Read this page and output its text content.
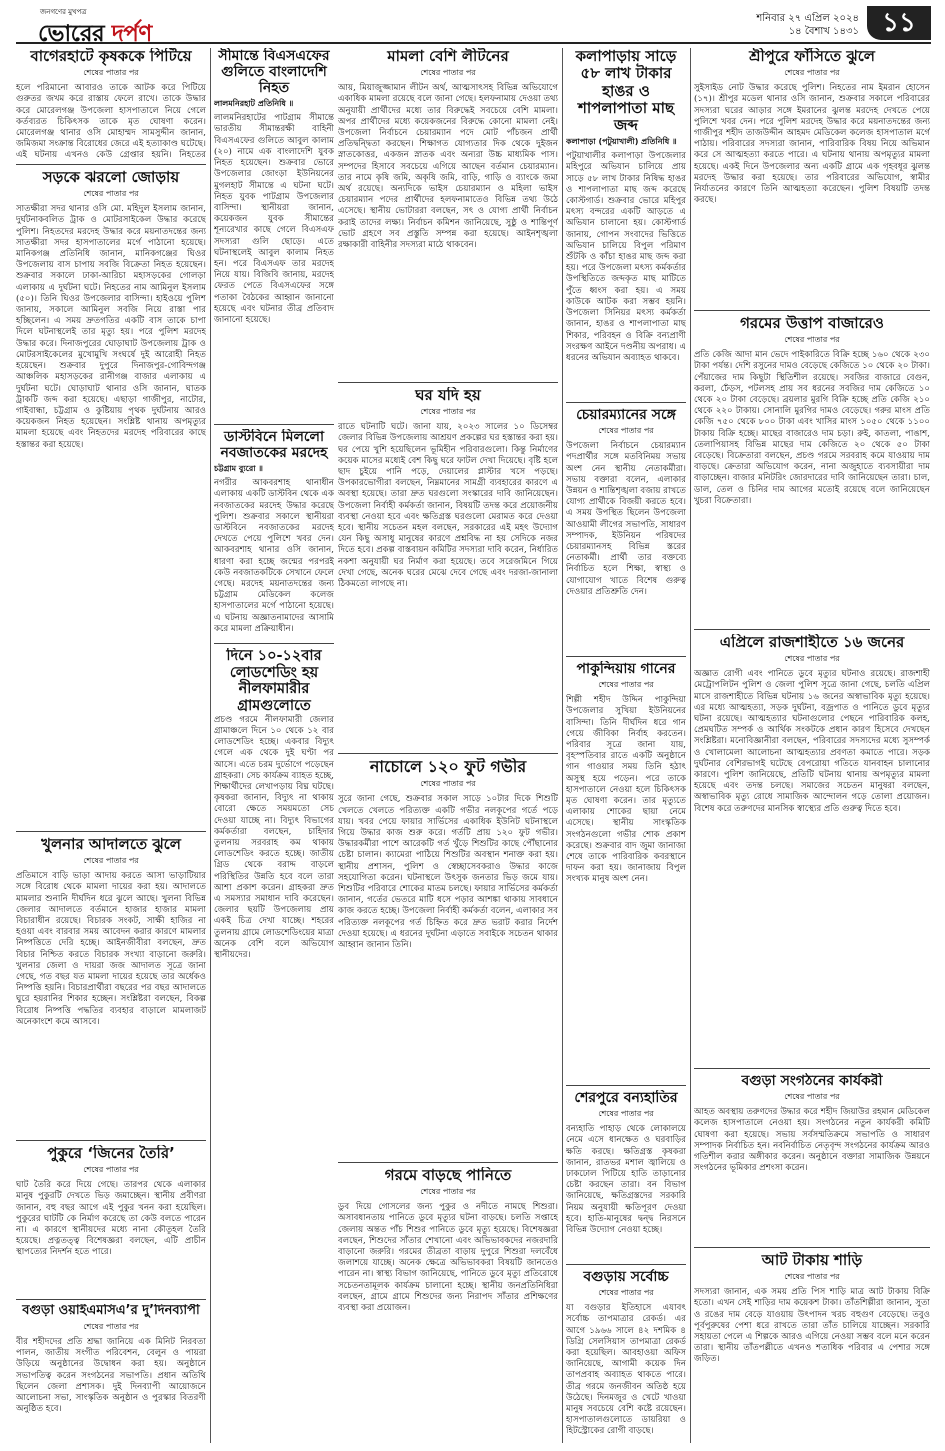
জনগণের মুখপত্র
ভোরের দর্পণ
শনিবার ২৭ এপ্রিল ২০২৪
১৪ বৈশাখ ১৪৩১ ১১
বাগেরহাটে কৃষককে পিটিয়ে
শেষের পাতার পর

হলে পরিমানো আবারও তাকে আটক করে পিটিয়ে গুরুতর জখম করে রাস্তায় ফেলে রাখে। তাকে উদ্ধার করে মোরেলগঞ্জ উপজেলা হাসপাতালে নিয়ে গেলে কর্তব্যরত চিকিৎসক তাকে মৃত ঘোষণা করেন। মোরেলগঞ্জ থানার ওসি মোহাম্মদ সামসুদ্দীন জানান, জমিজমা সংক্রান্ত বিরোধের জেরে এই হত্যাকাণ্ড ঘটেছে। এই ঘটনায় এখনও কেউ গ্রেপ্তার হয়নি। নিহতের

সড়কে ঝরলো জোড়ায়
শেষের পাতার পর

সাতক্ষীরা সদর থানার ওসি মো. মহিদুল ইসলাম জানান, দুর্ঘটনাকবলিত ট্রাক ও মোটরসাইকেল উদ্ধার করেছে পুলিশ। নিহতদের মরদেহ উদ্ধার করে ময়নাতদন্তের জন্য সাতক্ষীরা সদর হাসপাতালের মর্গে পাঠানো হয়েছে। মানিকগঞ্জ প্রতিনিধি জানান, মানিকগঞ্জের ঘিওর উপজেলায় বাস চাপায় সবজি বিক্রেতা নিহত হয়েছেন। শুক্রবার সকালে ঢাকা-আরিচা মহাসড়কের গোলড়া এলাকায় এ দুর্ঘটনা ঘটে। নিহতের নাম আমিনুল ইসলাম (৫০)। তিনি ঘিওর উপজেলার বাসিন্দা। হাইওয়ে পুলিশ জানায়, সকালে আমিনুল সবজি নিয়ে রাস্তা পার হচ্ছিলেন। এ সময় দ্রুতগতির একটি বাস তাকে চাপা দিলে ঘটনাস্থলেই তার মৃত্যু হয়। পরে পুলিশ মরদেহ উদ্ধার করে। দিনাজপুরের ঘোড়াঘাট উপজেলায় ট্রাক ও মোটরসাইকেলের মুখোমুখি সংঘর্ষে দুই আরোহী নিহত হয়েছেন। শুক্রবার দুপুরে দিনাজপুর-গোবিন্দগঞ্জ আঞ্চলিক মহাসড়কের রানীগঞ্জ বাজার এলাকায় এ দুর্ঘটনা ঘটে। ঘোড়াঘাট থানার ওসি জানান, ঘাতক ট্রাকটি জব্দ করা হয়েছে। এছাড়া গাজীপুর, নাটোর, গাইবান্ধা, চট্টগ্রাম ও কুষ্টিয়ায় পৃথক দুর্ঘটনায় আরও কয়েকজন নিহত হয়েছেন। সংশ্লিষ্ট থানায় অপমৃত্যুর মামলা হয়েছে এবং নিহতদের মরদেহ পরিবারের কাছে হস্তান্তর করা হয়েছে।

খুলনার আদালতে ঝুলে
শেষের পাতার পর

প্রতিমাসে বাড়ি ভাড়া আদায় করতে আসা ভাড়াটিয়ার সঙ্গে বিরোধ থেকে মামলা দায়ের করা হয়। আদালতে মামলার শুনানি দীর্ঘদিন ধরে ঝুলে আছে। খুলনা বিভিন্ন জেলার আদালতে বর্তমানে হাজার হাজার মামলা বিচারাধীন রয়েছে। বিচারক সংকট, সাক্ষী হাজির না হওয়া এবং বারবার সময় আবেদন করার কারণে মামলার নিষ্পত্তিতে দেরি হচ্ছে। আইনজীবীরা বলছেন, দ্রুত বিচার নিশ্চিত করতে বিচারক সংখ্যা বাড়ানো জরুরি। খুলনার জেলা ও দায়রা জজ আদালত সূত্রে জানা গেছে, গত বছর যত মামলা দায়ের হয়েছে তার অর্ধেকও নিষ্পত্তি হয়নি। বিচারপ্রার্থীরা বছরের পর বছর আদালতে ঘুরে হয়রানির শিকার হচ্ছেন। সংশ্লিষ্টরা বলছেন, বিকল্প বিরোধ নিষ্পত্তি পদ্ধতির ব্যবহার বাড়ালে মামলাজট অনেকাংশে কমে আসবে।

পুকুরে ‘জিনের তৈরি’
শেষের পাতার পর

ঘাট তৈরি করে দিয়ে গেছে। তারপর থেকে এলাকার মানুষ পুকুরটি দেখতে ভিড় জমাচ্ছেন। স্থানীয় প্রবীণরা জানান, বহু বছর আগে এই পুকুর খনন করা হয়েছিল। পুকুরের ঘাটটি কে নির্মাণ করেছে তা কেউ বলতে পারেন না। এ কারণে স্থানীয়দের মধ্যে নানা কৌতূহল তৈরি হয়েছে। প্রত্নতত্ত্ব বিশেষজ্ঞরা বলছেন, এটি প্রাচীন স্থাপত্যের নিদর্শন হতে পারে।

বগুড়া ওয়াইএমসিএ’র দু’দিনব্যাপী
শেষের পাতার পর

বীর শহীদদের প্রতি শ্রদ্ধা জানিয়ে এক মিনিট নিরবতা পালন, জাতীয় সংগীত পরিবেশন, বেলুন ও পায়রা উড়িয়ে অনুষ্ঠানের উদ্বোধন করা হয়। অনুষ্ঠানে সভাপতিত্ব করেন সংগঠনের সভাপতি। প্রধান অতিথি ছিলেন জেলা প্রশাসক। দুই দিনব্যাপী আয়োজনে আলোচনা সভা, সাংস্কৃতিক অনুষ্ঠান ও পুরস্কার বিতরণী অনুষ্ঠিত হবে।

সীমান্তে বিএসএফের গুলিতে বাংলাদেশি নিহত
লালমনিরহাট প্রতিনিধি ॥

লালমনিরহাটের পাটগ্রাম সীমান্তে ভারতীয় সীমান্তরক্ষী বাহিনী বিএসএফের গুলিতে আবুল কালাম (২০) নামে এক বাংলাদেশি যুবক নিহত হয়েছেন। শুক্রবার ভোরে উপজেলার জোংড়া ইউনিয়নের মুগলহাট সীমান্তে এ ঘটনা ঘটে। নিহত যুবক পাটগ্রাম উপজেলার বাসিন্দা। স্থানীয়রা জানান, কয়েকজন যুবক সীমান্তের শূন্যরেখার কাছে গেলে বিএসএফ সদস্যরা গুলি ছোড়ে। এতে ঘটনাস্থলেই আবুল কালাম নিহত হন। পরে বিএসএফ তার মরদেহ নিয়ে যায়। বিজিবি জানায়, মরদেহ ফেরত পেতে বিএসএফের সঙ্গে পতাকা বৈঠকের আহ্বান জানানো হয়েছে এবং ঘটনার তীব্র প্রতিবাদ জানানো হয়েছে।

ডাস্টবিনে মিললো নবজাতকের মরদেহ
চট্টগ্রাম ব্যুরো ॥

নগরীর আকবরশাহ থানাধীন এলাকায় একটি ডাস্টবিন থেকে এক নবজাতকের মরদেহ উদ্ধার করেছে পুলিশ। শুক্রবার সকালে স্থানীয়রা ডাস্টবিনে নবজাতকের মরদেহ দেখতে পেয়ে পুলিশে খবর দেন। আকবরশাহ থানার ওসি জানান, ধারণা করা হচ্ছে জন্মের পরপরই কেউ নবজাতকটিকে সেখানে ফেলে গেছে। মরদেহ ময়নাতদন্তের জন্য চট্টগ্রাম মেডিকেল কলেজ হাসপাতালের মর্গে পাঠানো হয়েছে। এ ঘটনায় অজ্ঞাতনামাদের আসামি করে মামলা প্রক্রিয়াধীন।

দিনে ১০-১২বার লোডশেডিং হয় নীলফামারীর গ্রামগুলোতে

প্রচণ্ড গরমে নীলফামারী জেলার গ্রামাঞ্চলে দিনে ১০ থেকে ১২ বার লোডশেডিং হচ্ছে। একবার বিদ্যুৎ গেলে এক থেকে দুই ঘণ্টা পর আসে। এতে চরম দুর্ভোগে পড়েছেন গ্রাহকরা। সেচ কার্যক্রম ব্যাহত হচ্ছে, শিক্ষার্থীদের লেখাপড়ায় বিঘ্ন ঘটছে। কৃষকরা জানান, বিদ্যুৎ না থাকায় বোরো ক্ষেতে সময়মতো সেচ দেওয়া যাচ্ছে না। বিদ্যুৎ বিভাগের কর্মকর্তারা বলছেন, চাহিদার তুলনায় সরবরাহ কম থাকায় লোডশেডিং করতে হচ্ছে। জাতীয় গ্রিড থেকে বরাদ্দ বাড়লে পরিস্থিতির উন্নতি হবে বলে তারা আশা প্রকাশ করেন। গ্রাহকরা দ্রুত এ সমস্যার সমাধান দাবি করেছেন। জেলার ছয়টি উপজেলায় প্রায় একই চিত্র দেখা যাচ্ছে। শহরের তুলনায় গ্রামে লোডশেডিংয়ের মাত্রা অনেক বেশি বলে অভিযোগ স্থানীয়দের।

মামলা বেশি লীটনের
শেষের পাতার পর

আয়, মিয়াজুজ্জামান লীটন অর্থ, আত্মসাৎসহ বিভিন্ন অভিযোগে একাধিক মামলা রয়েছে বলে জানা গেছে। হলফনামায় দেওয়া তথ্য অনুযায়ী প্রার্থীদের মধ্যে তার বিরুদ্ধেই সবচেয়ে বেশি মামলা। অপর প্রার্থীদের মধ্যে কয়েকজনের বিরুদ্ধে কোনো মামলা নেই। উপজেলা নির্বাচনে চেয়ারম্যান পদে মোট পাঁচজন প্রার্থী প্রতিদ্বন্দ্বিতা করছেন। শিক্ষাগত যোগ্যতার দিক থেকে দুইজন স্নাতকোত্তর, একজন স্নাতক এবং অন্যরা উচ্চ মাধ্যমিক পাস। সম্পদের হিসাবে সবচেয়ে এগিয়ে আছেন বর্তমান চেয়ারম্যান। তার নামে কৃষি জমি, অকৃষি জমি, বাড়ি, গাড়ি ও ব্যাংকে জমা অর্থ রয়েছে। অন্যদিকে ভাইস চেয়ারম্যান ও মহিলা ভাইস চেয়ারম্যান পদের প্রার্থীদের হলফনামাতেও বিভিন্ন তথ্য উঠে এসেছে। স্থানীয় ভোটাররা বলছেন, সৎ ও যোগ্য প্রার্থী নির্বাচন করাই তাদের লক্ষ্য। নির্বাচন কমিশন জানিয়েছে, সুষ্ঠু ও শান্তিপূর্ণ ভোট গ্রহণে সব প্রস্তুতি সম্পন্ন করা হয়েছে। আইনশৃঙ্খলা রক্ষাকারী বাহিনীর সদস্যরা মাঠে থাকবেন।

ঘর যদি হয়
শেষের পাতার পর

রাতে ঘটনাটি ঘটে। জানা যায়, ২০২৩ সালের ১০ ডিসেম্বর জেলার বিভিন্ন উপজেলায় আশ্রয়ণ প্রকল্পের ঘর হস্তান্তর করা হয়। ঘর পেয়ে খুশি হয়েছিলেন ভূমিহীন পরিবারগুলো। কিন্তু নির্মাণের কয়েক মাসের মধ্যেই বেশ কিছু ঘরে ফাটল দেখা দিয়েছে। বৃষ্টি হলে ছাদ চুইয়ে পানি পড়ে, দেয়ালের প্লাস্টার খসে পড়ছে। উপকারভোগীরা বলছেন, নিম্নমানের সামগ্রী ব্যবহারের কারণে এ অবস্থা হয়েছে। তারা দ্রুত ঘরগুলো সংস্কারের দাবি জানিয়েছেন। উপজেলা নির্বাহী কর্মকর্তা জানান, বিষয়টি তদন্ত করে প্রয়োজনীয় ব্যবস্থা নেওয়া হবে এবং ক্ষতিগ্রস্ত ঘরগুলো মেরামত করে দেওয়া হবে। স্থানীয় সচেতন মহল বলছেন, সরকারের এই মহৎ উদ্যোগ যেন কিছু অসাধু মানুষের কারণে প্রশ্নবিদ্ধ না হয় সেদিকে নজর দিতে হবে। প্রকল্প বাস্তবায়ন কমিটির সদস্যরা দাবি করেন, নির্ধারিত নকশা অনুযায়ী ঘর নির্মাণ করা হয়েছে। তবে সরেজমিনে গিয়ে দেখা গেছে, অনেক ঘরের মেঝে দেবে গেছে এবং দরজা-জানালা ঠিকমতো লাগছে না।

নাচোলে ১২০ ফুট গভীর
শেষের পাতার পর

সুরে জানা গেছে, শুক্রবার সকাল সাড়ে ১০টার দিকে শিশুটি খেলতে খেলতে পরিত্যক্ত একটি গভীর নলকূপের গর্তে পড়ে যায়। খবর পেয়ে ফায়ার সার্ভিসের একাধিক ইউনিট ঘটনাস্থলে গিয়ে উদ্ধার কাজ শুরু করে। গর্তটি প্রায় ১২০ ফুট গভীর। উদ্ধারকর্মীরা পাশে আরেকটি গর্ত খুঁড়ে শিশুটির কাছে পৌঁছানোর চেষ্টা চালান। ক্যামেরা পাঠিয়ে শিশুটির অবস্থান শনাক্ত করা হয়। স্থানীয় প্রশাসন, পুলিশ ও স্বেচ্ছাসেবকরাও উদ্ধার কাজে সহযোগিতা করেন। ঘটনাস্থলে উৎসুক জনতার ভিড় জমে যায়। শিশুটির পরিবারে শোকের মাতম চলছে। ফায়ার সার্ভিসের কর্মকর্তা জানান, গর্তের ভেতরে মাটি ধসে পড়ার আশঙ্কা থাকায় সাবধানে কাজ করতে হচ্ছে। উপজেলা নির্বাহী কর্মকর্তা বলেন, এলাকার সব পরিত্যক্ত নলকূপের গর্ত চিহ্নিত করে দ্রুত ভরাট করার নির্দেশ দেওয়া হয়েছে। এ ধরনের দুর্ঘটনা এড়াতে সবাইকে সচেতন থাকার আহ্বান জানান তিনি।

গরমে বাড়ছে পানিতে
শেষের পাতার পর

ডুব দিয়ে গোসলের জন্য পুকুর ও নদীতে নামছে শিশুরা। অসাবধানতায় পানিতে ডুবে মৃত্যুর ঘটনা বাড়ছে। চলতি সপ্তাহে জেলায় অন্তত পাঁচ শিশুর পানিতে ডুবে মৃত্যু হয়েছে। বিশেষজ্ঞরা বলছেন, শিশুদের সাঁতার শেখানো এবং অভিভাবকদের নজরদারি বাড়ানো জরুরি। গরমের তীব্রতা বাড়ায় দুপুরে শিশুরা দলবেঁধে জলাশয়ে যাচ্ছে। অনেক ক্ষেত্রে অভিভাবকরা বিষয়টি জানতেও পারেন না। স্বাস্থ্য বিভাগ জানিয়েছে, পানিতে ডুবে মৃত্যু প্রতিরোধে সচেতনতামূলক কার্যক্রম চালানো হচ্ছে। স্থানীয় জনপ্রতিনিধিরা বলছেন, গ্রামে গ্রামে শিশুদের জন্য নিরাপদ সাঁতার প্রশিক্ষণের ব্যবস্থা করা প্রয়োজন।

কলাপাড়ায় সাড়ে ৫৮ লাখ টাকার হাঙর ও শাপলাপাতা মাছ জব্দ
কলাপাড়া (পটুয়াখালী) প্রতিনিধি ॥

পটুয়াখালীর কলাপাড়া উপজেলার মহিপুরে অভিযান চালিয়ে প্রায় সাড়ে ৫৮ লাখ টাকার নিষিদ্ধ হাঙর ও শাপলাপাতা মাছ জব্দ করেছে কোস্টগার্ড। শুক্রবার ভোরে মহিপুর মৎস্য বন্দরের একটি আড়তে এ অভিযান চালানো হয়। কোস্টগার্ড জানায়, গোপন সংবাদের ভিত্তিতে অভিযান চালিয়ে বিপুল পরিমাণ শুঁটকি ও কাঁচা হাঙর মাছ জব্দ করা হয়। পরে উপজেলা মৎস্য কর্মকর্তার উপস্থিতিতে জব্দকৃত মাছ মাটিতে পুঁতে ধ্বংস করা হয়। এ সময় কাউকে আটক করা সম্ভব হয়নি। উপজেলা সিনিয়র মৎস্য কর্মকর্তা জানান, হাঙর ও শাপলাপাতা মাছ শিকার, পরিবহন ও বিক্রি বন্যপ্রাণী সংরক্ষণ আইনে দণ্ডনীয় অপরাধ। এ ধরনের অভিযান অব্যাহত থাকবে।

চেয়ারম্যানের সঙ্গে
শেষের পাতার পর

উপজেলা নির্বাচনে চেয়ারম্যান পদপ্রার্থীর সঙ্গে মতবিনিময় সভায় অংশ নেন স্থানীয় নেতাকর্মীরা। সভায় বক্তারা বলেন, এলাকার উন্নয়ন ও শান্তিশৃঙ্খলা বজায় রাখতে যোগ্য প্রার্থীকে বিজয়ী করতে হবে। এ সময় উপস্থিত ছিলেন উপজেলা আওয়ামী লীগের সভাপতি, সাধারণ সম্পাদক, ইউনিয়ন পরিষদের চেয়ারম্যানসহ বিভিন্ন স্তরের নেতাকর্মী। প্রার্থী তার বক্তব্যে নির্বাচিত হলে শিক্ষা, স্বাস্থ্য ও যোগাযোগ খাতে বিশেষ গুরুত্ব দেওয়ার প্রতিশ্রুতি দেন।

পাকুন্দিয়ায় গানের
শেষের পাতার পর

শিল্পী শহীদ উদ্দিন পাকুন্দিয়া উপজেলার সুখিয়া ইউনিয়নের বাসিন্দা। তিনি দীর্ঘদিন ধরে গান গেয়ে জীবিকা নির্বাহ করতেন। পরিবার সূত্রে জানা যায়, বৃহস্পতিবার রাতে একটি অনুষ্ঠানে গান গাওয়ার সময় তিনি হঠাৎ অসুস্থ হয়ে পড়েন। পরে তাকে হাসপাতালে নেওয়া হলে চিকিৎসক মৃত ঘোষণা করেন। তার মৃত্যুতে এলাকায় শোকের ছায়া নেমে এসেছে। স্থানীয় সাংস্কৃতিক সংগঠনগুলো গভীর শোক প্রকাশ করেছে। শুক্রবার বাদ জুমা জানাজা শেষে তাকে পারিবারিক কবরস্থানে দাফন করা হয়। জানাজায় বিপুল সংখ্যক মানুষ অংশ নেন।

শেরপুরে বন্যহাতির
শেষের পাতার পর

বন্যহাতি পাহাড় থেকে লোকালয়ে নেমে এসে ধানক্ষেত ও ঘরবাড়ির ক্ষতি করছে। ক্ষতিগ্রস্ত কৃষকরা জানান, রাতভর মশাল জ্বালিয়ে ও ঢাকঢোল পিটিয়ে হাতি তাড়ানোর চেষ্টা করছেন তারা। বন বিভাগ জানিয়েছে, ক্ষতিগ্রস্তদের সরকারি নিয়ম অনুযায়ী ক্ষতিপূরণ দেওয়া হবে। হাতি-মানুষের দ্বন্দ্ব নিরসনে বিভিন্ন উদ্যোগ নেওয়া হচ্ছে।

বগুড়ায় সর্বোচ্চ
শেষের পাতার পর

যা বগুড়ার ইতিহাসে এযাবৎ সর্বোচ্চ তাপমাত্রার রেকর্ড। এর আগে ১৯৬৬ সালে ৪২ দশমিক ৪ ডিগ্রি সেলসিয়াস তাপমাত্রা রেকর্ড করা হয়েছিল। আবহাওয়া অফিস জানিয়েছে, আগামী কয়েক দিন তাপপ্রবাহ অব্যাহত থাকতে পারে। তীব্র গরমে জনজীবন অতিষ্ঠ হয়ে উঠেছে। দিনমজুর ও খেটে খাওয়া মানুষ সবচেয়ে বেশি কষ্টে রয়েছেন। হাসপাতালগুলোতে ডায়রিয়া ও হিটস্ট্রোকের রোগী বাড়ছে।

শ্রীপুরে ফাঁসিতে ঝুলে
শেষের পাতার পর

সুইসাইড নোট উদ্ধার করেছে পুলিশ। নিহতের নাম ইমরান হোসেন (১৭)। শ্রীপুর মডেল থানার ওসি জানান, শুক্রবার সকালে পরিবারের সদস্যরা ঘরের আড়ার সঙ্গে ইমরানের ঝুলন্ত মরদেহ দেখতে পেয়ে পুলিশে খবর দেন। পরে পুলিশ মরদেহ উদ্ধার করে ময়নাতদন্তের জন্য গাজীপুর শহীদ তাজউদ্দীন আহমদ মেডিকেল কলেজ হাসপাতাল মর্গে পাঠায়। পরিবারের সদস্যরা জানান, পারিবারিক বিষয় নিয়ে অভিমান করে সে আত্মহত্যা করতে পারে। এ ঘটনায় থানায় অপমৃত্যুর মামলা হয়েছে। একই দিনে উপজেলার অন্য একটি গ্রামে এক গৃহবধূর ঝুলন্ত মরদেহ উদ্ধার করা হয়েছে। তার পরিবারের অভিযোগ, স্বামীর নির্যাতনের কারণে তিনি আত্মহত্যা করেছেন। পুলিশ বিষয়টি তদন্ত করছে।

গরমের উত্তাপ বাজারেও
শেষের পাতার পর

প্রতি কেজি আদা মান ভেদে পাইকারিতে বিক্রি হচ্ছে ১৬০ থেকে ২৩০ টাকা পর্যন্ত। দেশি রসুনের দামও বেড়েছে কেজিতে ১০ থেকে ২০ টাকা। পেঁয়াজের দাম কিছুটা স্থিতিশীল রয়েছে। সবজির বাজারে বেগুন, করলা, ঢেঁড়স, পটলসহ প্রায় সব ধরনের সবজির দাম কেজিতে ১০ থেকে ২০ টাকা বেড়েছে। ব্রয়লার মুরগি বিক্রি হচ্ছে প্রতি কেজি ২১০ থেকে ২২০ টাকায়। সোনালি মুরগির দামও বেড়েছে। গরুর মাংস প্রতি কেজি ৭৫০ থেকে ৮০০ টাকা এবং খাসির মাংস ১০৫০ থেকে ১১০০ টাকায় বিক্রি হচ্ছে। মাছের বাজারেও দাম চড়া। রুই, কাতলা, পাঙাশ, তেলাপিয়াসহ বিভিন্ন মাছের দাম কেজিতে ২০ থেকে ৫০ টাকা বেড়েছে। বিক্রেতারা বলছেন, প্রচণ্ড গরমে সরবরাহ কমে যাওয়ায় দাম বাড়ছে। ক্রেতারা অভিযোগ করেন, নানা অজুহাতে ব্যবসায়ীরা দাম বাড়াচ্ছেন। বাজার মনিটরিং জোরদারের দাবি জানিয়েছেন তারা। চাল, ডাল, তেল ও চিনির দাম আগের মতোই রয়েছে বলে জানিয়েছেন খুচরা বিক্রেতারা।

এপ্রিলে রাজশাহীতে ১৬ জনের
শেষের পাতার পর

অজ্ঞাত রোগী এবং পানিতে ডুবে মৃত্যুর ঘটনাও রয়েছে। রাজশাহী মেট্রোপলিটন পুলিশ ও জেলা পুলিশ সূত্রে জানা গেছে, চলতি এপ্রিল মাসে রাজশাহীতে বিভিন্ন ঘটনায় ১৬ জনের অস্বাভাবিক মৃত্যু হয়েছে। এর মধ্যে আত্মহত্যা, সড়ক দুর্ঘটনা, বজ্রপাত ও পানিতে ডুবে মৃত্যুর ঘটনা রয়েছে। আত্মহত্যার ঘটনাগুলোর পেছনে পারিবারিক কলহ, প্রেমঘটিত সম্পর্ক ও আর্থিক সংকটকে প্রধান কারণ হিসেবে দেখছেন সংশ্লিষ্টরা। মনোবিজ্ঞানীরা বলছেন, পরিবারের সদস্যদের মধ্যে সুসম্পর্ক ও খোলামেলা আলোচনা আত্মহত্যার প্রবণতা কমাতে পারে। সড়ক দুর্ঘটনার বেশিরভাগই ঘটেছে বেপরোয়া গতিতে যানবাহন চালানোর কারণে। পুলিশ জানিয়েছে, প্রতিটি ঘটনায় থানায় অপমৃত্যুর মামলা হয়েছে এবং তদন্ত চলছে। সমাজের সচেতন মানুষরা বলছেন, অস্বাভাবিক মৃত্যু রোধে সামাজিক আন্দোলন গড়ে তোলা প্রয়োজন। বিশেষ করে তরুণদের মানসিক স্বাস্থ্যের প্রতি গুরুত্ব দিতে হবে।

বগুড়া সংগঠনের কার্যকরী
শেষের পাতার পর

আহত অবস্থায় তরুণদের উদ্ধার করে শহীদ জিয়াউর রহমান মেডিকেল কলেজ হাসপাতালে নেওয়া হয়। সংগঠনের নতুন কার্যকরী কমিটি ঘোষণা করা হয়েছে। সভায় সর্বসম্মতিক্রমে সভাপতি ও সাধারণ সম্পাদক নির্বাচিত হন। নবনির্বাচিত নেতৃবৃন্দ সংগঠনের কার্যক্রম আরও গতিশীল করার অঙ্গীকার করেন। অনুষ্ঠানে বক্তারা সামাজিক উন্নয়নে সংগঠনের ভূমিকার প্রশংসা করেন।

আট টাকায় শাড়ি
শেষের পাতার পর

সদস্যরা জানান, এক সময় প্রতি পিস শাড়ি মাত্র আট টাকায় বিক্রি হতো। এখন সেই শাড়ির দাম কয়েকশ টাকা। তাঁতশিল্পীরা জানান, সুতা ও রঙের দাম বেড়ে যাওয়ায় উৎপাদন খরচ বহুগুণ বেড়েছে। তবুও পূর্বপুরুষের পেশা ধরে রাখতে তারা তাঁত চালিয়ে যাচ্ছেন। সরকারি সহায়তা পেলে এ শিল্পকে আরও এগিয়ে নেওয়া সম্ভব বলে মনে করেন তারা। স্থানীয় তাঁতপল্লীতে এখনও শতাধিক পরিবার এ পেশার সঙ্গে জড়িত।
